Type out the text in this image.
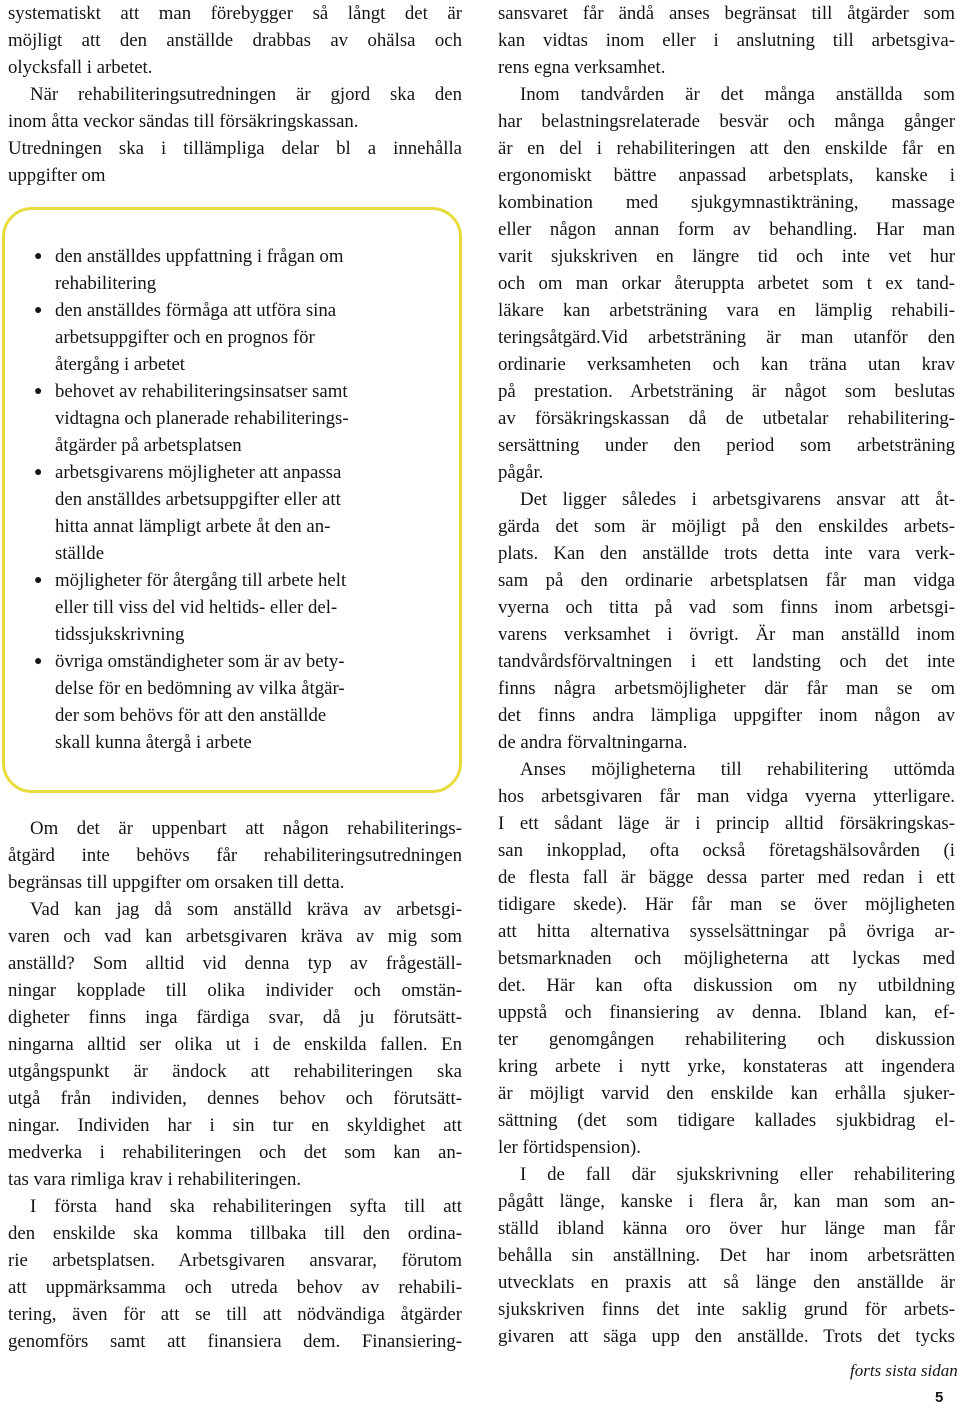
systematiskt att man förebygger så långt det är
möjligt att den anställde drabbas av ohälsa och
olycksfall i arbetet.
När rehabiliteringsutredningen är gjord ska den
inom åtta veckor sändas till försäkringskassan.
Utredningen ska i tillämpliga delar bl a innehålla
uppgifter om
● den anställdes uppfattning i frågan om
rehabilitering
● den anställdes förmåga att utföra sina
arbetsuppgifter och en prognos för
återgång i arbetet
● behovet av rehabiliteringsinsatser samt
vidtagna och planerade rehabiliterings-
åtgärder på arbetsplatsen
● arbetsgivarens möjligheter att anpassa
den anställdes arbetsuppgifter eller att
hitta annat lämpligt arbete åt den an-
ställde
● möjligheter för återgång till arbete helt
eller till viss del vid heltids- eller del-
tidssjukskrivning
● övriga omständigheter som är av bety-
delse för en bedömning av vilka åtgär-
der som behövs för att den anställde
skall kunna återgå i arbete
Om det är uppenbart att någon rehabiliterings-
åtgärd inte behövs får rehabiliteringsutredningen
begränsas till uppgifter om orsaken till detta.
Vad kan jag då som anställd kräva av arbetsgi-
varen och vad kan arbetsgivaren kräva av mig som
anställd? Som alltid vid denna typ av frågeställ-
ningar kopplade till olika individer och omstän-
digheter finns inga färdiga svar, då ju förutsätt-
ningarna alltid ser olika ut i de enskilda fallen. En
utgångspunkt är ändock att rehabiliteringen ska
utgå från individen, dennes behov och förutsätt-
ningar. Individen har i sin tur en skyldighet att
medverka i rehabiliteringen och det som kan an-
tas vara rimliga krav i rehabiliteringen.
I första hand ska rehabiliteringen syfta till att
den enskilde ska komma tillbaka till den ordina-
rie arbetsplatsen. Arbetsgivaren ansvarar, förutom
att uppmärksamma och utreda behov av rehabili-
tering, även för att se till att nödvändiga åtgärder
genomförs samt att finansiera dem. Finansiering-
sansvaret får ändå anses begränsat till åtgärder som
kan vidtas inom eller i anslutning till arbetsgiva-
rens egna verksamhet.
Inom tandvården är det många anställda som
har belastningsrelaterade besvär och många gånger
är en del i rehabiliteringen att den enskilde får en
ergonomiskt bättre anpassad arbetsplats, kanske i
kombination med sjukgymnastikträning, massage
eller någon annan form av behandling. Har man
varit sjukskriven en längre tid och inte vet hur
och om man orkar återuppta arbetet som t ex tand-
läkare kan arbetsträning vara en lämplig rehabili-
teringsåtgärd.Vid arbetsträning är man utanför den
ordinarie verksamheten och kan träna utan krav
på prestation. Arbetsträning är något som beslutas
av försäkringskassan då de utbetalar rehabilitering-
sersättning under den period som arbetsträning
pågår.
Det ligger således i arbetsgivarens ansvar att åt-
gärda det som är möjligt på den enskildes arbets-
plats. Kan den anställde trots detta inte vara verk-
sam på den ordinarie arbetsplatsen får man vidga
vyerna och titta på vad som finns inom arbetsgi-
varens verksamhet i övrigt. Är man anställd inom
tandvårdsförvaltningen i ett landsting och det inte
finns några arbetsmöjligheter där får man se om
det finns andra lämpliga uppgifter inom någon av
de andra förvaltningarna.
Anses möjligheterna till rehabilitering uttömda
hos arbetsgivaren får man vidga vyerna ytterligare.
I ett sådant läge är i princip alltid försäkringskas-
san inkopplad, ofta också företagshälsovården (i
de flesta fall är bägge dessa parter med redan i ett
tidigare skede). Här får man se över möjligheten
att hitta alternativa sysselsättningar på övriga ar-
betsmarknaden och möjligheterna att lyckas med
det. Här kan ofta diskussion om ny utbildning
uppstå och finansiering av denna. Ibland kan, ef-
ter genomgången rehabilitering och diskussion
kring arbete i nytt yrke, konstateras att ingendera
är möjligt varvid den enskilde kan erhålla sjuker-
sättning (det som tidigare kallades sjukbidrag el-
ler förtidspension).
I de fall där sjukskrivning eller rehabilitering
pågått länge, kanske i flera år, kan man som an-
ställd ibland känna oro över hur länge man får
behålla sin anställning. Det har inom arbetsrätten
utvecklats en praxis att så länge den anställde är
sjukskriven finns det inte saklig grund för arbets-
givaren att säga upp den anställde. Trots det tycks
forts sista sidan
5
